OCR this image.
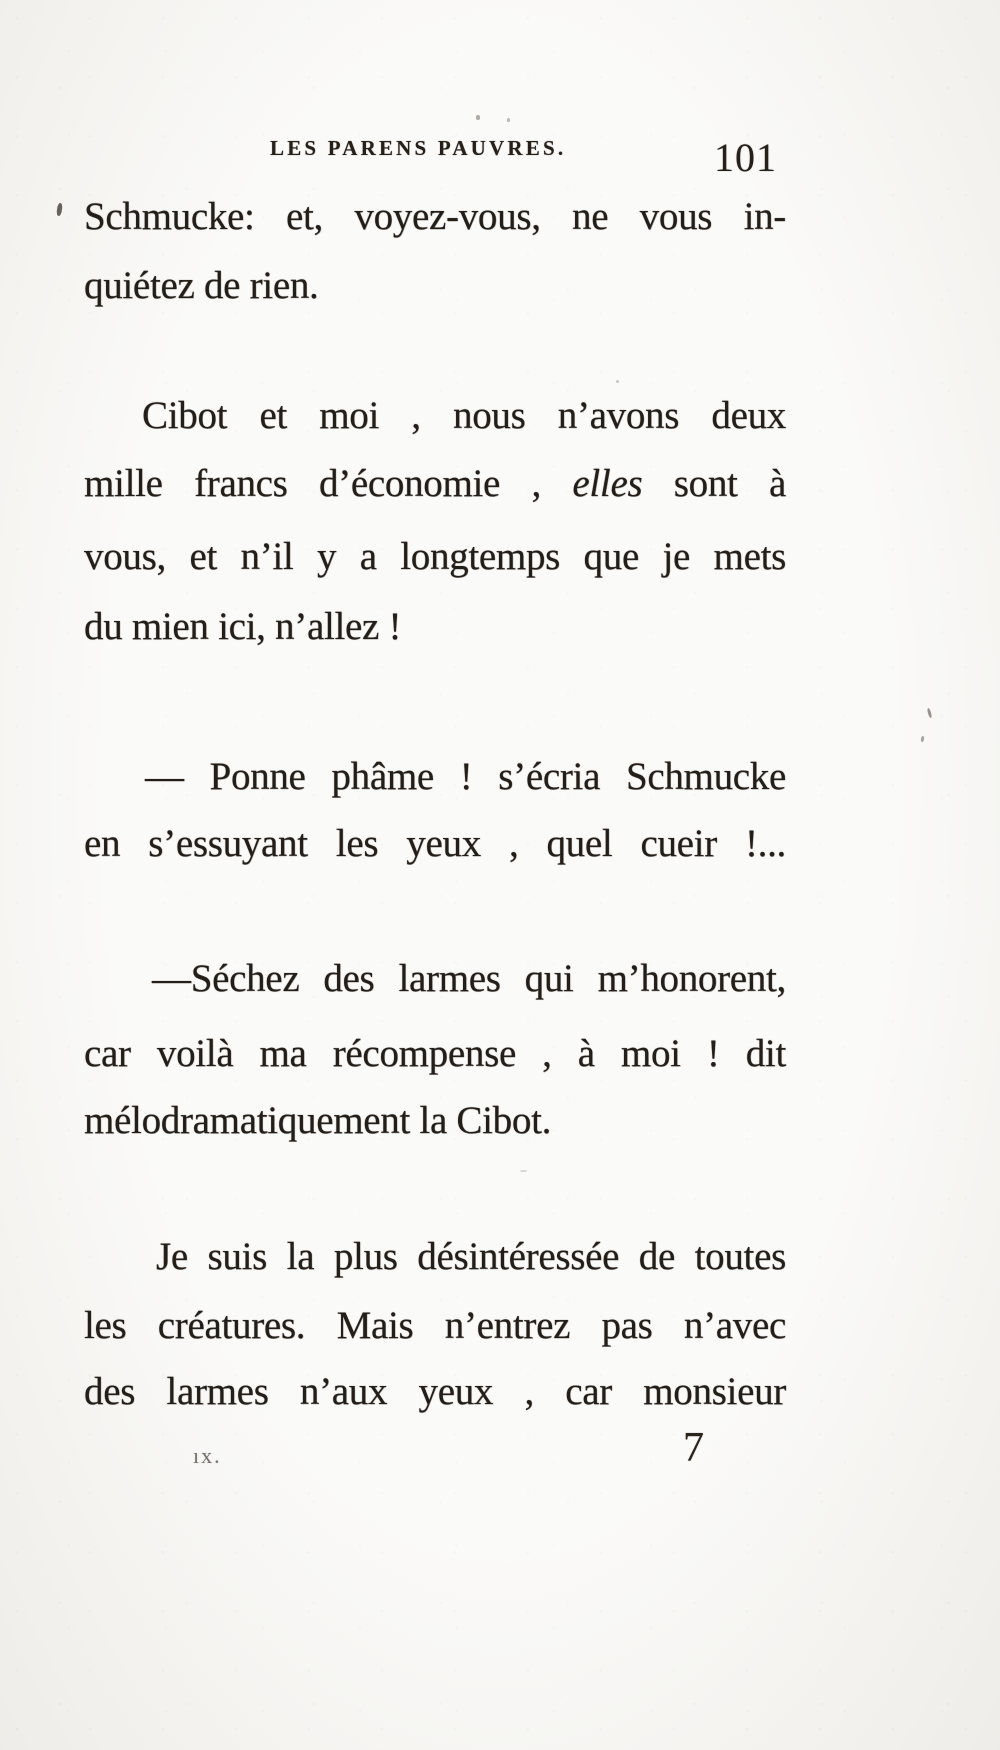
LES PARENS PAUVRES.	101
Schmucke: et, voyez-vous, ne vous in-
quiétez de rien.
Cibot et moi , nous n’avons deux
mille francs d’économie , elles sont à
vous, et n’il y a longtemps que je mets
du mien ici, n’allez !
— Ponne phâme ! s’écria Schmucke
en s’essuyant les yeux , quel cueir !...
—Séchez des larmes qui m’honorent,
car voilà ma récompense , à moi ! dit
mélodramatiquement la Cibot.
Je suis la plus désintéressée de toutes
les créatures. Mais n’entrez pas n’avec
des larmes n’aux yeux , car monsieur
ıx.	7
